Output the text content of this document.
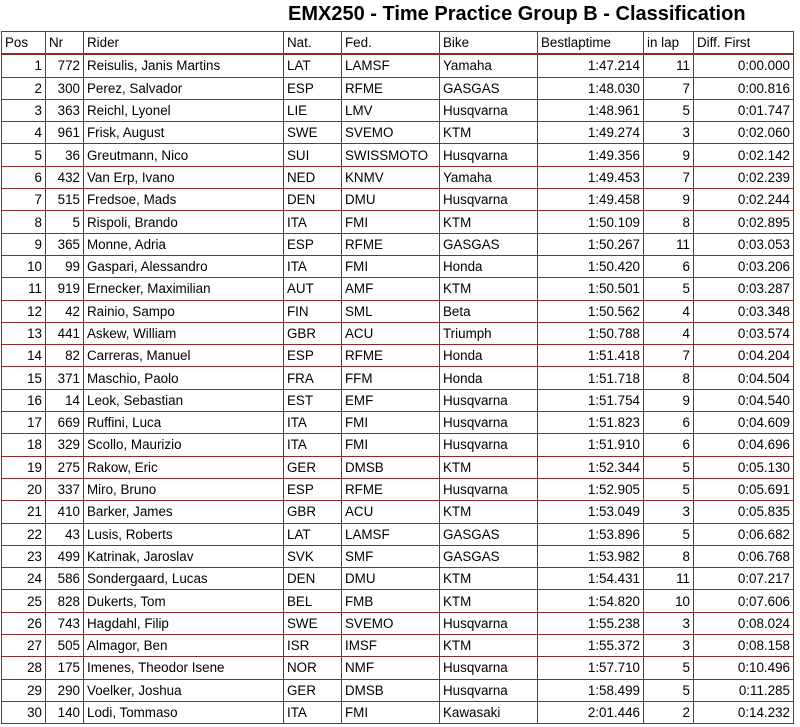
EMX250 - Time Practice Group B - Classification
Pos	Nr	Rider	Nat.	Fed.	Bike	Bestlaptime	in lap	Diff. First
1	772	Reisulis, Janis Martins	LAT	LAMSF	Yamaha	1:47.214	11	0:00.000
2	300	Perez, Salvador	ESP	RFME	GASGAS	1:48.030	7	0:00.816
3	363	Reichl, Lyonel	LIE	LMV	Husqvarna	1:48.961	5	0:01.747
4	961	Frisk, August	SWE	SVEMO	KTM	1:49.274	3	0:02.060
5	36	Greutmann, Nico	SUI	SWISSMOTO	Husqvarna	1:49.356	9	0:02.142
6	432	Van Erp, Ivano	NED	KNMV	Yamaha	1:49.453	7	0:02.239
7	515	Fredsoe, Mads	DEN	DMU	Husqvarna	1:49.458	9	0:02.244
8	5	Rispoli, Brando	ITA	FMI	KTM	1:50.109	8	0:02.895
9	365	Monne, Adria	ESP	RFME	GASGAS	1:50.267	11	0:03.053
10	99	Gaspari, Alessandro	ITA	FMI	Honda	1:50.420	6	0:03.206
11	919	Ernecker, Maximilian	AUT	AMF	KTM	1:50.501	5	0:03.287
12	42	Rainio, Sampo	FIN	SML	Beta	1:50.562	4	0:03.348
13	441	Askew, William	GBR	ACU	Triumph	1:50.788	4	0:03.574
14	82	Carreras, Manuel	ESP	RFME	Honda	1:51.418	7	0:04.204
15	371	Maschio, Paolo	FRA	FFM	Honda	1:51.718	8	0:04.504
16	14	Leok, Sebastian	EST	EMF	Husqvarna	1:51.754	9	0:04.540
17	669	Ruffini, Luca	ITA	FMI	Husqvarna	1:51.823	6	0:04.609
18	329	Scollo, Maurizio	ITA	FMI	Husqvarna	1:51.910	6	0:04.696
19	275	Rakow, Eric	GER	DMSB	KTM	1:52.344	5	0:05.130
20	337	Miro, Bruno	ESP	RFME	Husqvarna	1:52.905	5	0:05.691
21	410	Barker, James	GBR	ACU	KTM	1:53.049	3	0:05.835
22	43	Lusis, Roberts	LAT	LAMSF	GASGAS	1:53.896	5	0:06.682
23	499	Katrinak, Jaroslav	SVK	SMF	GASGAS	1:53.982	8	0:06.768
24	586	Sondergaard, Lucas	DEN	DMU	KTM	1:54.431	11	0:07.217
25	828	Dukerts, Tom	BEL	FMB	KTM	1:54.820	10	0:07.606
26	743	Hagdahl, Filip	SWE	SVEMO	Husqvarna	1:55.238	3	0:08.024
27	505	Almagor, Ben	ISR	IMSF	KTM	1:55.372	3	0:08.158
28	175	Imenes, Theodor Isene	NOR	NMF	Husqvarna	1:57.710	5	0:10.496
29	290	Voelker, Joshua	GER	DMSB	Husqvarna	1:58.499	5	0:11.285
30	140	Lodi, Tommaso	ITA	FMI	Kawasaki	2:01.446	2	0:14.232
